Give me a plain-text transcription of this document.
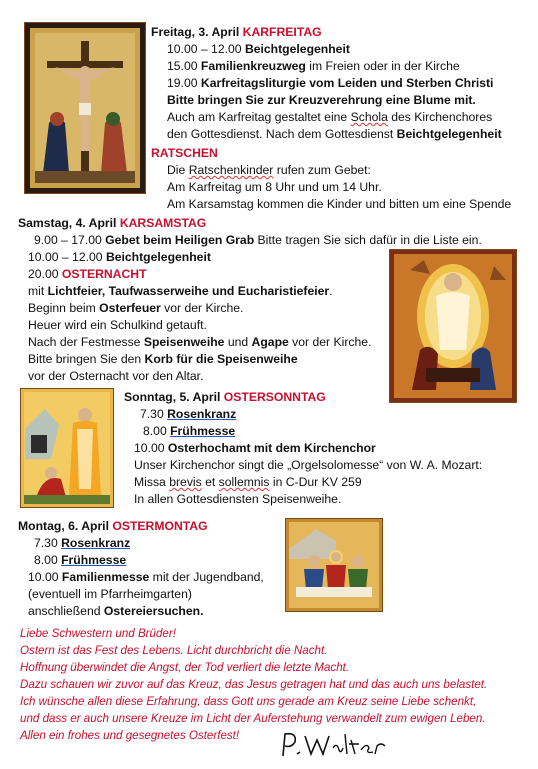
Freitag, 3. April KARFREITAG
10.00 – 12.00 Beichtgelegenheit
15.00 Familienkreuzweg im Freien oder in der Kirche
19.00 Karfreitagsliturgie vom Leiden und Sterben Christi
Bitte bringen Sie zur Kreuzverehrung eine Blume mit.
Auch am Karfreitag gestaltet eine Schola des Kirchenchores
den Gottesdienst. Nach dem Gottesdienst Beichtgelegenheit
RATSCHEN
Die Ratschenkinder rufen zum Gebet:
Am Karfreitag um 8 Uhr und um 14 Uhr.
Am Karsamstag kommen die Kinder und bitten um eine Spende
Samstag, 4. April KARSAMSTAG
9.00 – 17.00 Gebet beim Heiligen Grab Bitte tragen Sie sich dafür in die Liste ein.
10.00 – 12.00 Beichtgelegenheit
20.00 OSTERNACHT
mit Lichtfeier, Taufwasserweihe und Eucharistiefeier.
Beginn beim Osterfeuer vor der Kirche.
Heuer wird ein Schulkind getauft.
Nach der Festmesse Speisenweihe und Agape vor der Kirche.
Bitte bringen Sie den Korb für die Speisenweihe
vor der Osternacht vor den Altar.
Sonntag, 5. April OSTERSONNTAG
7.30 Rosenkranz
8.00 Frühmesse
10.00 Osterhochamt mit dem Kirchenchor
Unser Kirchenchor singt die „Orgelsolomesse“ von W. A. Mozart:
Missa brevis et sollemnis in C-Dur KV 259
In allen Gottesdiensten Speisenweihe.
Montag, 6. April OSTERMONTAG
7.30 Rosenkranz
8.00 Frühmesse
10.00 Familienmesse mit der Jugendband,
(eventuell im Pfarrheimgarten)
anschließend Ostereiersuchen.
Liebe Schwestern und Brüder!
Ostern ist das Fest des Lebens. Licht durchbricht die Nacht.
Hoffnung überwindet die Angst, der Tod verliert die letzte Macht.
Dazu schauen wir zuvor auf das Kreuz, das Jesus getragen hat und das auch uns belastet.
Ich wünsche allen diese Erfahrung, dass Gott uns gerade am Kreuz seine Liebe schenkt,
und dass er auch unsere Kreuze im Licht der Auferstehung verwandelt zum ewigen Leben.
Allen ein frohes und gesegnetes Osterfest!
